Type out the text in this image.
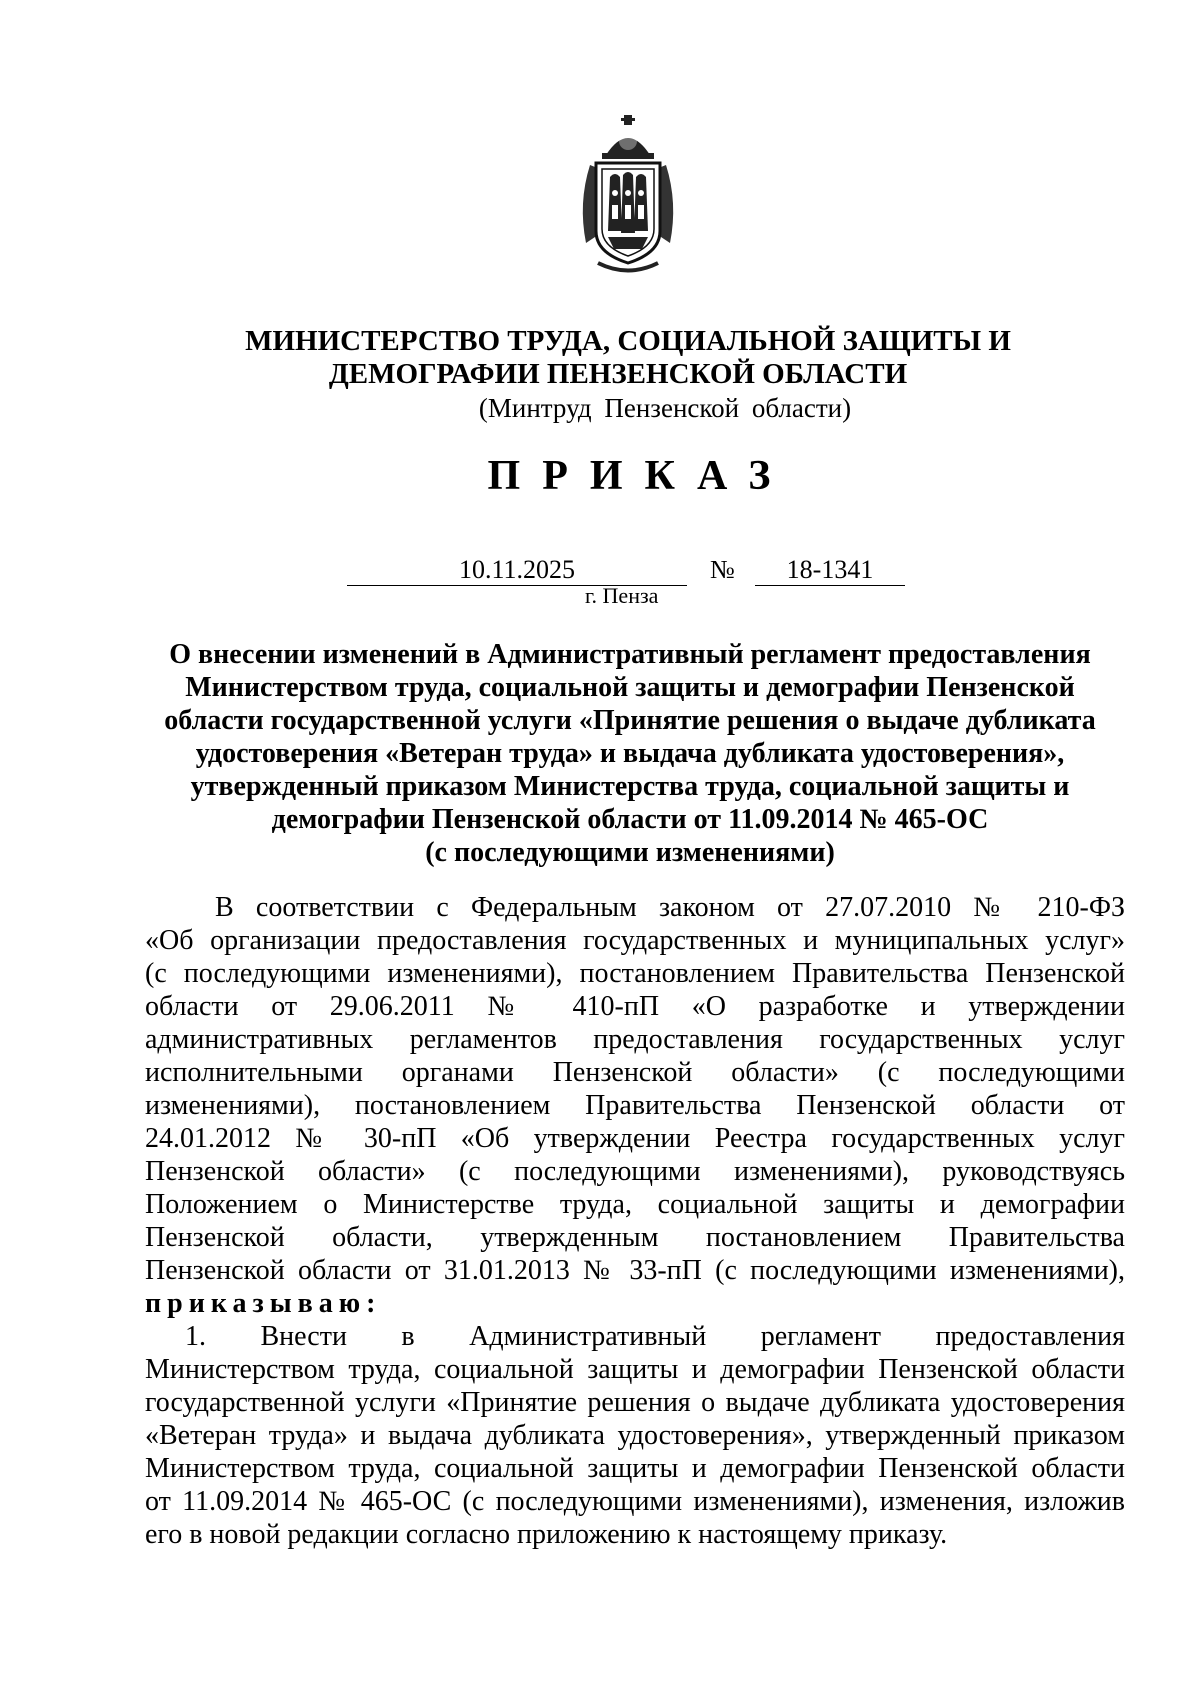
МИНИСТЕРСТВО ТРУДА, СОЦИАЛЬНОЙ ЗАЩИТЫ И
ДЕМОГРАФИИ ПЕНЗЕНСКОЙ ОБЛАСТИ
(Минтруд Пензенской области)
ПРИКАЗ
10.11.2025	№	18-1341
г. Пенза
О внесении изменений в Административный регламент предоставления
Министерством труда, социальной защиты и демографии Пензенской
области государственной услуги «Принятие решения о выдаче дубликата
удостоверения «Ветеран труда» и выдача дубликата удостоверения»,
утвержденный приказом Министерства труда, социальной защиты и
демографии Пензенской области от 11.09.2014 № 465-ОС
(с последующими изменениями)
В соответствии с Федеральным законом от 27.07.2010 № 210-ФЗ
«Об организации предоставления государственных и муниципальных услуг»
(с последующими изменениями), постановлением Правительства Пензенской
области от 29.06.2011 № 410-пП «О разработке и утверждении
административных регламентов предоставления государственных услуг
исполнительными органами Пензенской области» (с последующими
изменениями), постановлением Правительства Пензенской области от
24.01.2012 № 30-пП «Об утверждении Реестра государственных услуг
Пензенской области» (с последующими изменениями), руководствуясь
Положением о Министерстве труда, социальной защиты и демографии
Пензенской области, утвержденным постановлением Правительства
Пензенской области от 31.01.2013 № 33-пП (с последующими изменениями),
приказываю:
1. Внести в Административный регламент предоставления
Министерством труда, социальной защиты и демографии Пензенской области
государственной услуги «Принятие решения о выдаче дубликата удостоверения
«Ветеран труда» и выдача дубликата удостоверения», утвержденный приказом
Министерством труда, социальной защиты и демографии Пензенской области
от 11.09.2014 № 465-ОС (с последующими изменениями), изменения, изложив
его в новой редакции согласно приложению к настоящему приказу.
